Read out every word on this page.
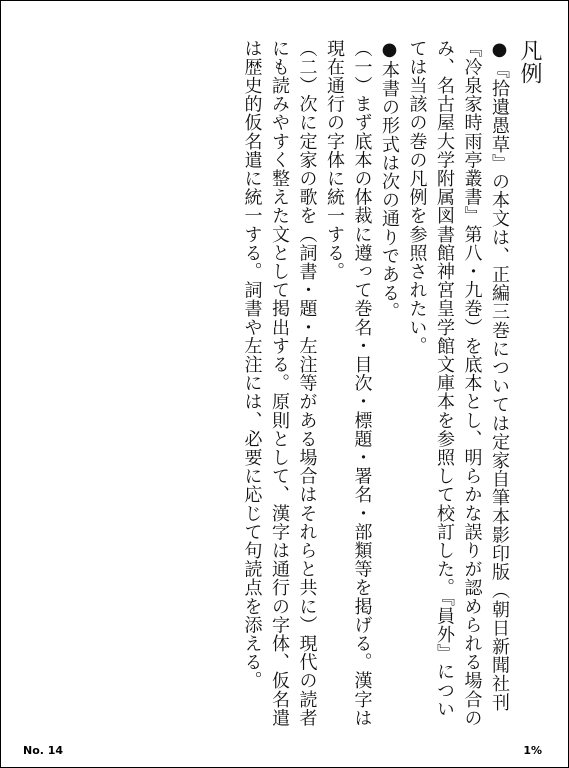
凡例

●『拾遺愚草』の本文は、正編三巻については定家自筆本影印版（朝日新聞社刊『冷泉家時雨亭叢書』第八・九巻）を底本とし、明らかな誤りが認められる場合のみ、名古屋大学附属図書館神宮皇学館文庫本を参照して校訂した。『員外』については当該の巻の凡例を参照されたい。

●本書の形式は次の通りである。

（一）まず底本の体裁に遵って巻名・目次・標題・署名・部類等を掲げる。漢字は現在通行の字体に統一する。

（二）次に定家の歌を（詞書・題・左注等がある場合はそれらと共に）現代の読者にも読みやすく整えた文として掲出する。原則として、漢字は通行の字体、仮名遣は歴史的仮名遣に統一する。詞書や左注には、必要に応じて句読点を添える。

No. 14	1%
